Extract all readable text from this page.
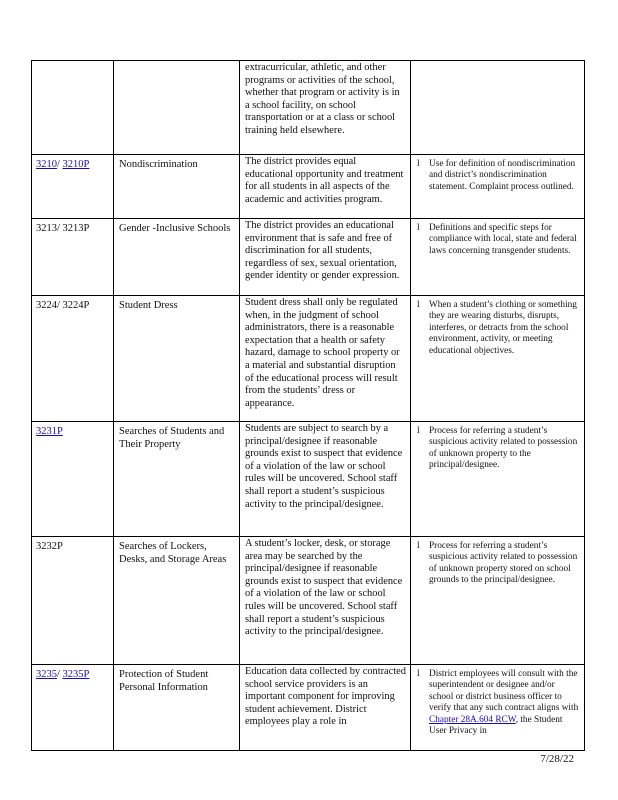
		extracurricular, athletic, and other programs or activities of the school, whether that program or activity is in a school facility, on school transportation or at a class or school training held elsewhere.	
3210/ 3210P	Nondiscrimination	The district provides equal educational opportunity and treatment for all students in all aspects of the academic and activities program.	l Use for definition of nondiscrimination and district’s nondiscrimination statement. Complaint process outlined.

3213/ 3213P	Gender -Inclusive Schools	The district provides an educational environment that is safe and free of discrimination for all students, regardless of sex, sexual orientation, gender identity or gender expression.	l Definitions and specific steps for compliance with local, state and federal laws concerning transgender students.

3224/ 3224P	Student Dress	Student dress shall only be regulated when, in the judgment of school administrators, there is a reasonable expectation that a health or safety hazard, damage to school property or a material and substantial disruption of the educational process will result from the students’ dress or appearance.	l When a student’s clothing or something they are wearing disturbs, disrupts, interferes, or detracts from the school environment, activity, or meeting educational objectives.

3231P	Searches of Students and Their Property	Students are subject to search by a principal/designee if reasonable grounds exist to suspect that evidence of a violation of the law or school rules will be uncovered. School staff shall report a student’s suspicious activity to the principal/designee.	l Process for referring a student’s suspicious activity related to possession of unknown property to the principal/designee.

3232P	Searches of Lockers, Desks, and Storage Areas	A student’s locker, desk, or storage area may be searched by the principal/designee if reasonable grounds exist to suspect that evidence of a violation of the law or school rules will be uncovered. School staff shall report a student’s suspicious activity to the principal/designee.	l Process for referring a student’s suspicious activity related to possession of unknown property stored on school grounds to the principal/designee.

3235/ 3235P	Protection of Student Personal Information	Education data collected by contracted school service providers is an important component for improving student achievement. District employees play a role in	l District employees will consult with the superintendent or designee and/or school or district business officer to verify that any such contract aligns with Chapter 28A.604 RCW, the Student User Privacy in
7/28/22
